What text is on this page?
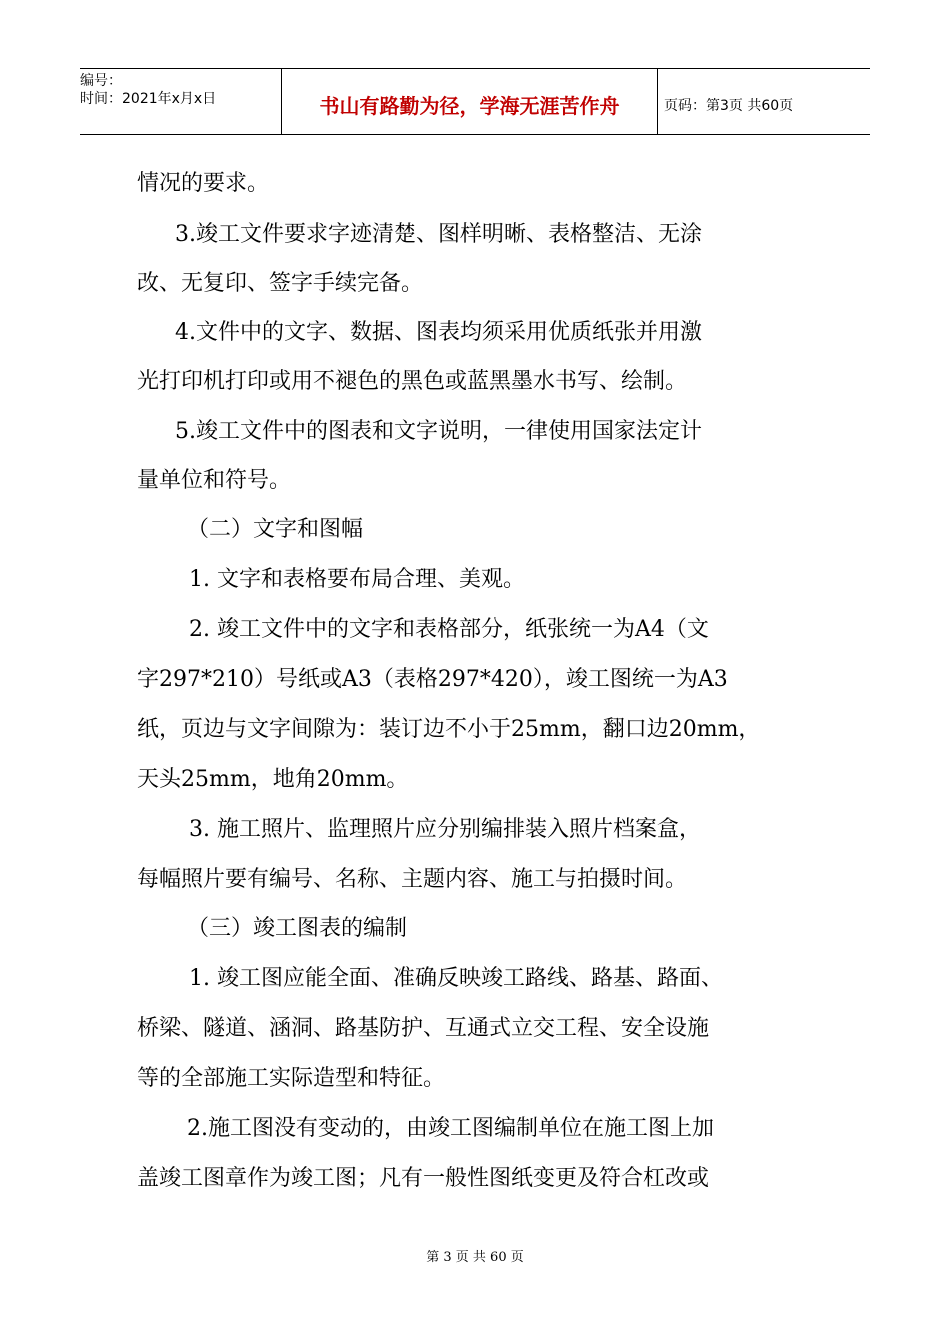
编号：
时间：2021年x月x日	书山有路勤为径，学海无涯苦作舟	页码：第3页 共60页
情况的要求。
3.竣工文件要求字迹清楚、图样明晰、表格整洁、无涂
改、无复印、签字手续完备。
4.文件中的文字、数据、图表均须采用优质纸张并用激
光打印机打印或用不褪色的黑色或蓝黑墨水书写、绘制。
5.竣工文件中的图表和文字说明，一律使用国家法定计
量单位和符号。
（二）文字和图幅
1. 文字和表格要布局合理、美观。
2. 竣工文件中的文字和表格部分，纸张统一为A4（文
字297*210）号纸或A3（表格297*420），竣工图统一为A3
纸，页边与文字间隙为：装订边不小于25mm，翻口边20mm，
天头25mm，地角20mm。
3. 施工照片、监理照片应分别编排装入照片档案盒，
每幅照片要有编号、名称、主题内容、施工与拍摄时间。
（三）竣工图表的编制
1. 竣工图应能全面、准确反映竣工路线、路基、路面、
桥梁、隧道、涵洞、路基防护、互通式立交工程、安全设施
等的全部施工实际造型和特征。
2.施工图没有变动的，由竣工图编制单位在施工图上加
盖竣工图章作为竣工图；凡有一般性图纸变更及符合杠改或
第 3 页 共 60 页
